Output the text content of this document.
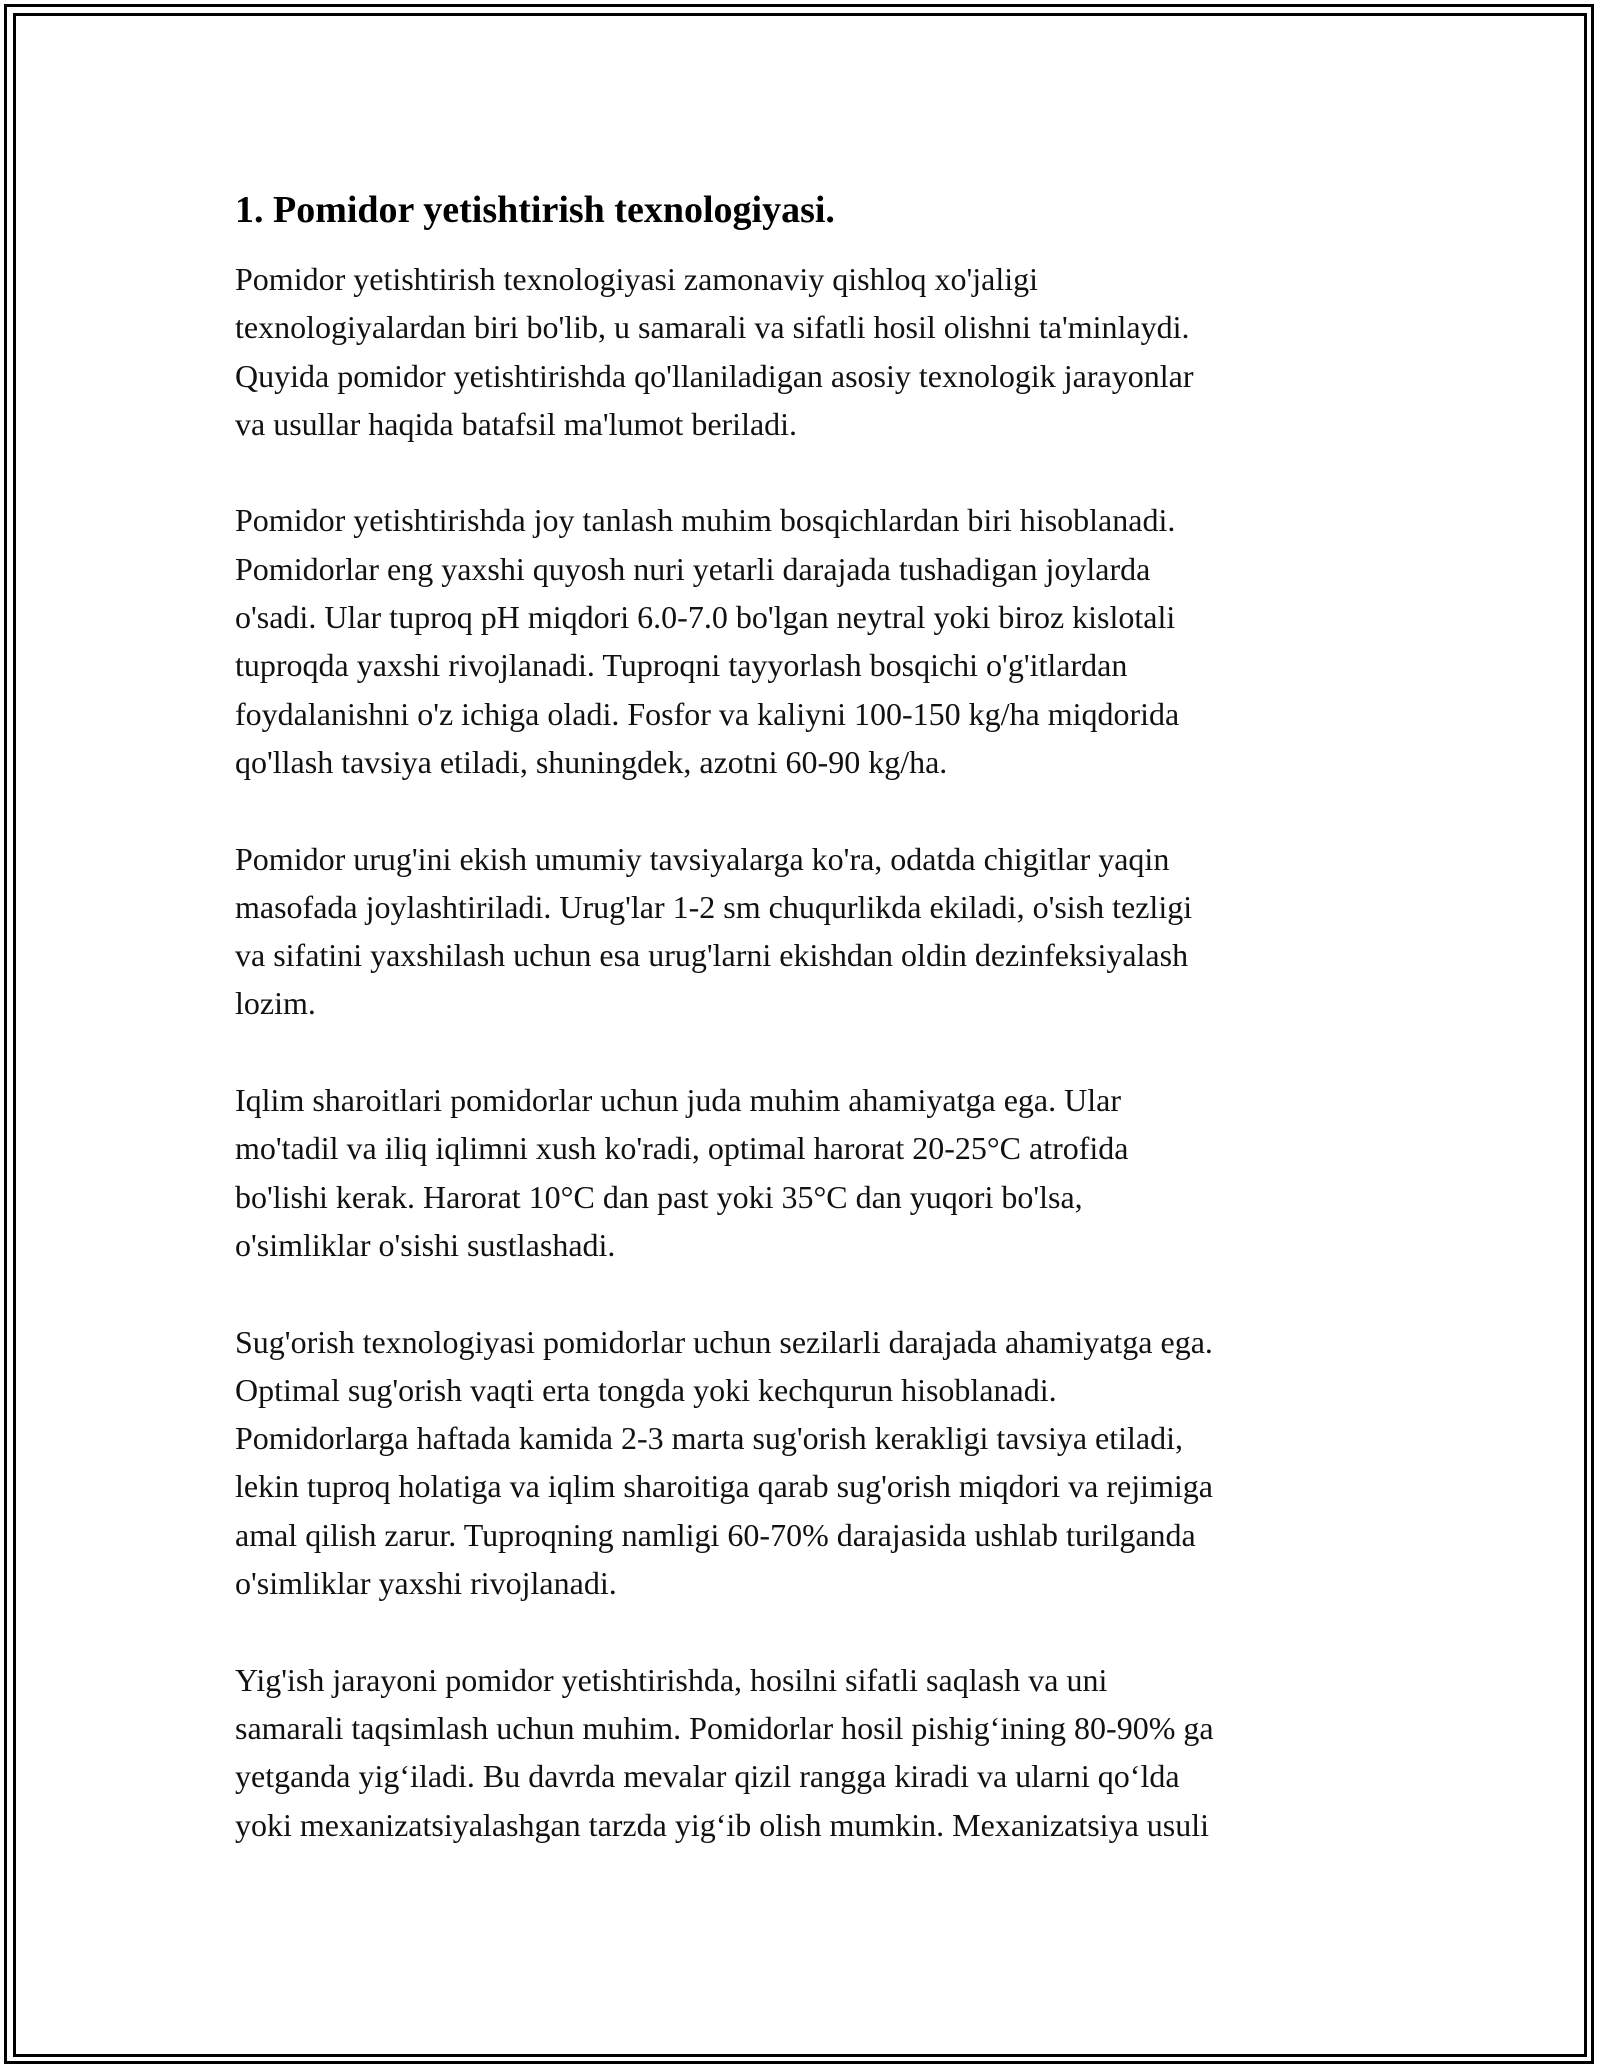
1. Pomidor yetishtirish texnologiyasi.
Pomidor yetishtirish texnologiyasi zamonaviy qishloq xo'jaligi
texnologiyalardan biri bo'lib, u samarali va sifatli hosil olishni ta'minlaydi.
Quyida pomidor yetishtirishda qo'llaniladigan asosiy texnologik jarayonlar
va usullar haqida batafsil ma'lumot beriladi.
Pomidor yetishtirishda joy tanlash muhim bosqichlardan biri hisoblanadi.
Pomidorlar eng yaxshi quyosh nuri yetarli darajada tushadigan joylarda
o'sadi. Ular tuproq pH miqdori 6.0-7.0 bo'lgan neytral yoki biroz kislotali
tuproqda yaxshi rivojlanadi. Tuproqni tayyorlash bosqichi o'g'itlardan
foydalanishni o'z ichiga oladi. Fosfor va kaliyni 100-150 kg/ha miqdorida
qo'llash tavsiya etiladi, shuningdek, azotni 60-90 kg/ha.
Pomidor urug'ini ekish umumiy tavsiyalarga ko'ra, odatda chigitlar yaqin
masofada joylashtiriladi. Urug'lar 1-2 sm chuqurlikda ekiladi, o'sish tezligi
va sifatini yaxshilash uchun esa urug'larni ekishdan oldin dezinfeksiyalash
lozim.
Iqlim sharoitlari pomidorlar uchun juda muhim ahamiyatga ega. Ular
mo'tadil va iliq iqlimni xush ko'radi, optimal harorat 20-25°C atrofida
bo'lishi kerak. Harorat 10°C dan past yoki 35°C dan yuqori bo'lsa,
o'simliklar o'sishi sustlashadi.
Sug'orish texnologiyasi pomidorlar uchun sezilarli darajada ahamiyatga ega.
Optimal sug'orish vaqti erta tongda yoki kechqurun hisoblanadi.
Pomidorlarga haftada kamida 2-3 marta sug'orish kerakligi tavsiya etiladi,
lekin tuproq holatiga va iqlim sharoitiga qarab sug'orish miqdori va rejimiga
amal qilish zarur. Tuproqning namligi 60-70% darajasida ushlab turilganda
o'simliklar yaxshi rivojlanadi.
Yig'ish jarayoni pomidor yetishtirishda, hosilni sifatli saqlash va uni
samarali taqsimlash uchun muhim. Pomidorlar hosil pishig‘ining 80-90% ga
yetganda yig‘iladi. Bu davrda mevalar qizil rangga kiradi va ularni qo‘lda
yoki mexanizatsiyalashgan tarzda yig‘ib olish mumkin. Mexanizatsiya usuli
